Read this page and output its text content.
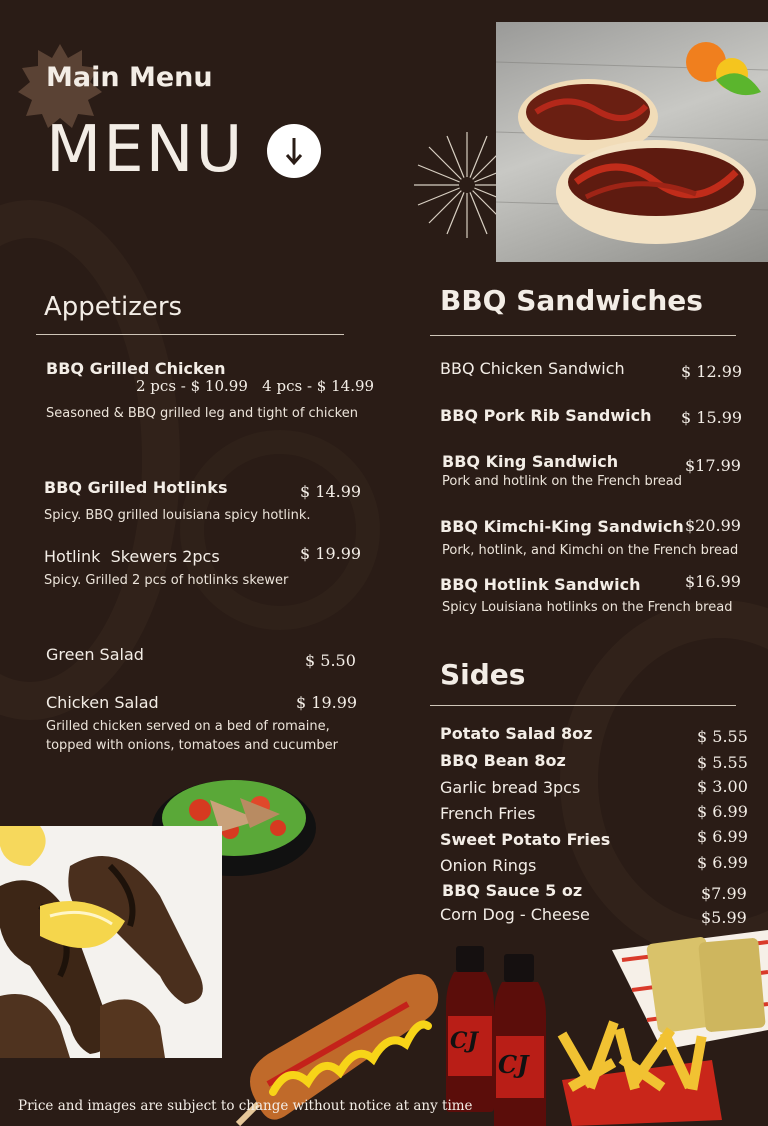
Main Menu
MENU
Appetizers
BBQ Grilled Chicken
2 pcs - $ 10.99   4 pcs - $ 14.99
Seasoned & BBQ grilled leg and tight of chicken
BBQ Grilled Hotlinks	$ 14.99
Spicy. BBQ grilled louisiana spicy hotlink.
Hotlink  Skewers 2pcs	$ 19.99
Spicy. Grilled 2 pcs of hotlinks skewer
Green Salad	$ 5.50
Chicken Salad	$ 19.99
Grilled chicken served on a bed of romaine,
topped with onions, tomatoes and cucumber
BBQ Sandwiches
BBQ Chicken Sandwich	$ 12.99
BBQ Pork Rib Sandwich $ 15.99
BBQ King Sandwich	$17.99
Pork and hotlink on the French bread
BBQ Kimchi-King Sandwich $20.99
Pork, hotlink, and Kimchi on the French bread
BBQ Hotlink Sandwich	$16.99
Spicy Louisiana hotlinks on the French bread
Sides
Potato Salad 8oz	$ 5.55
BBQ Bean 8oz	$ 5.55
Garlic bread 3pcs	$ 3.00
French Fries	$ 6.99
Sweet Potato Fries	$ 6.99
Onion Rings	$ 6.99
BBQ Sauce 5 oz	$7.99
Corn Dog - Cheese	$5.99
CJ
CJ
Price and images are subject to change without notice at any time
